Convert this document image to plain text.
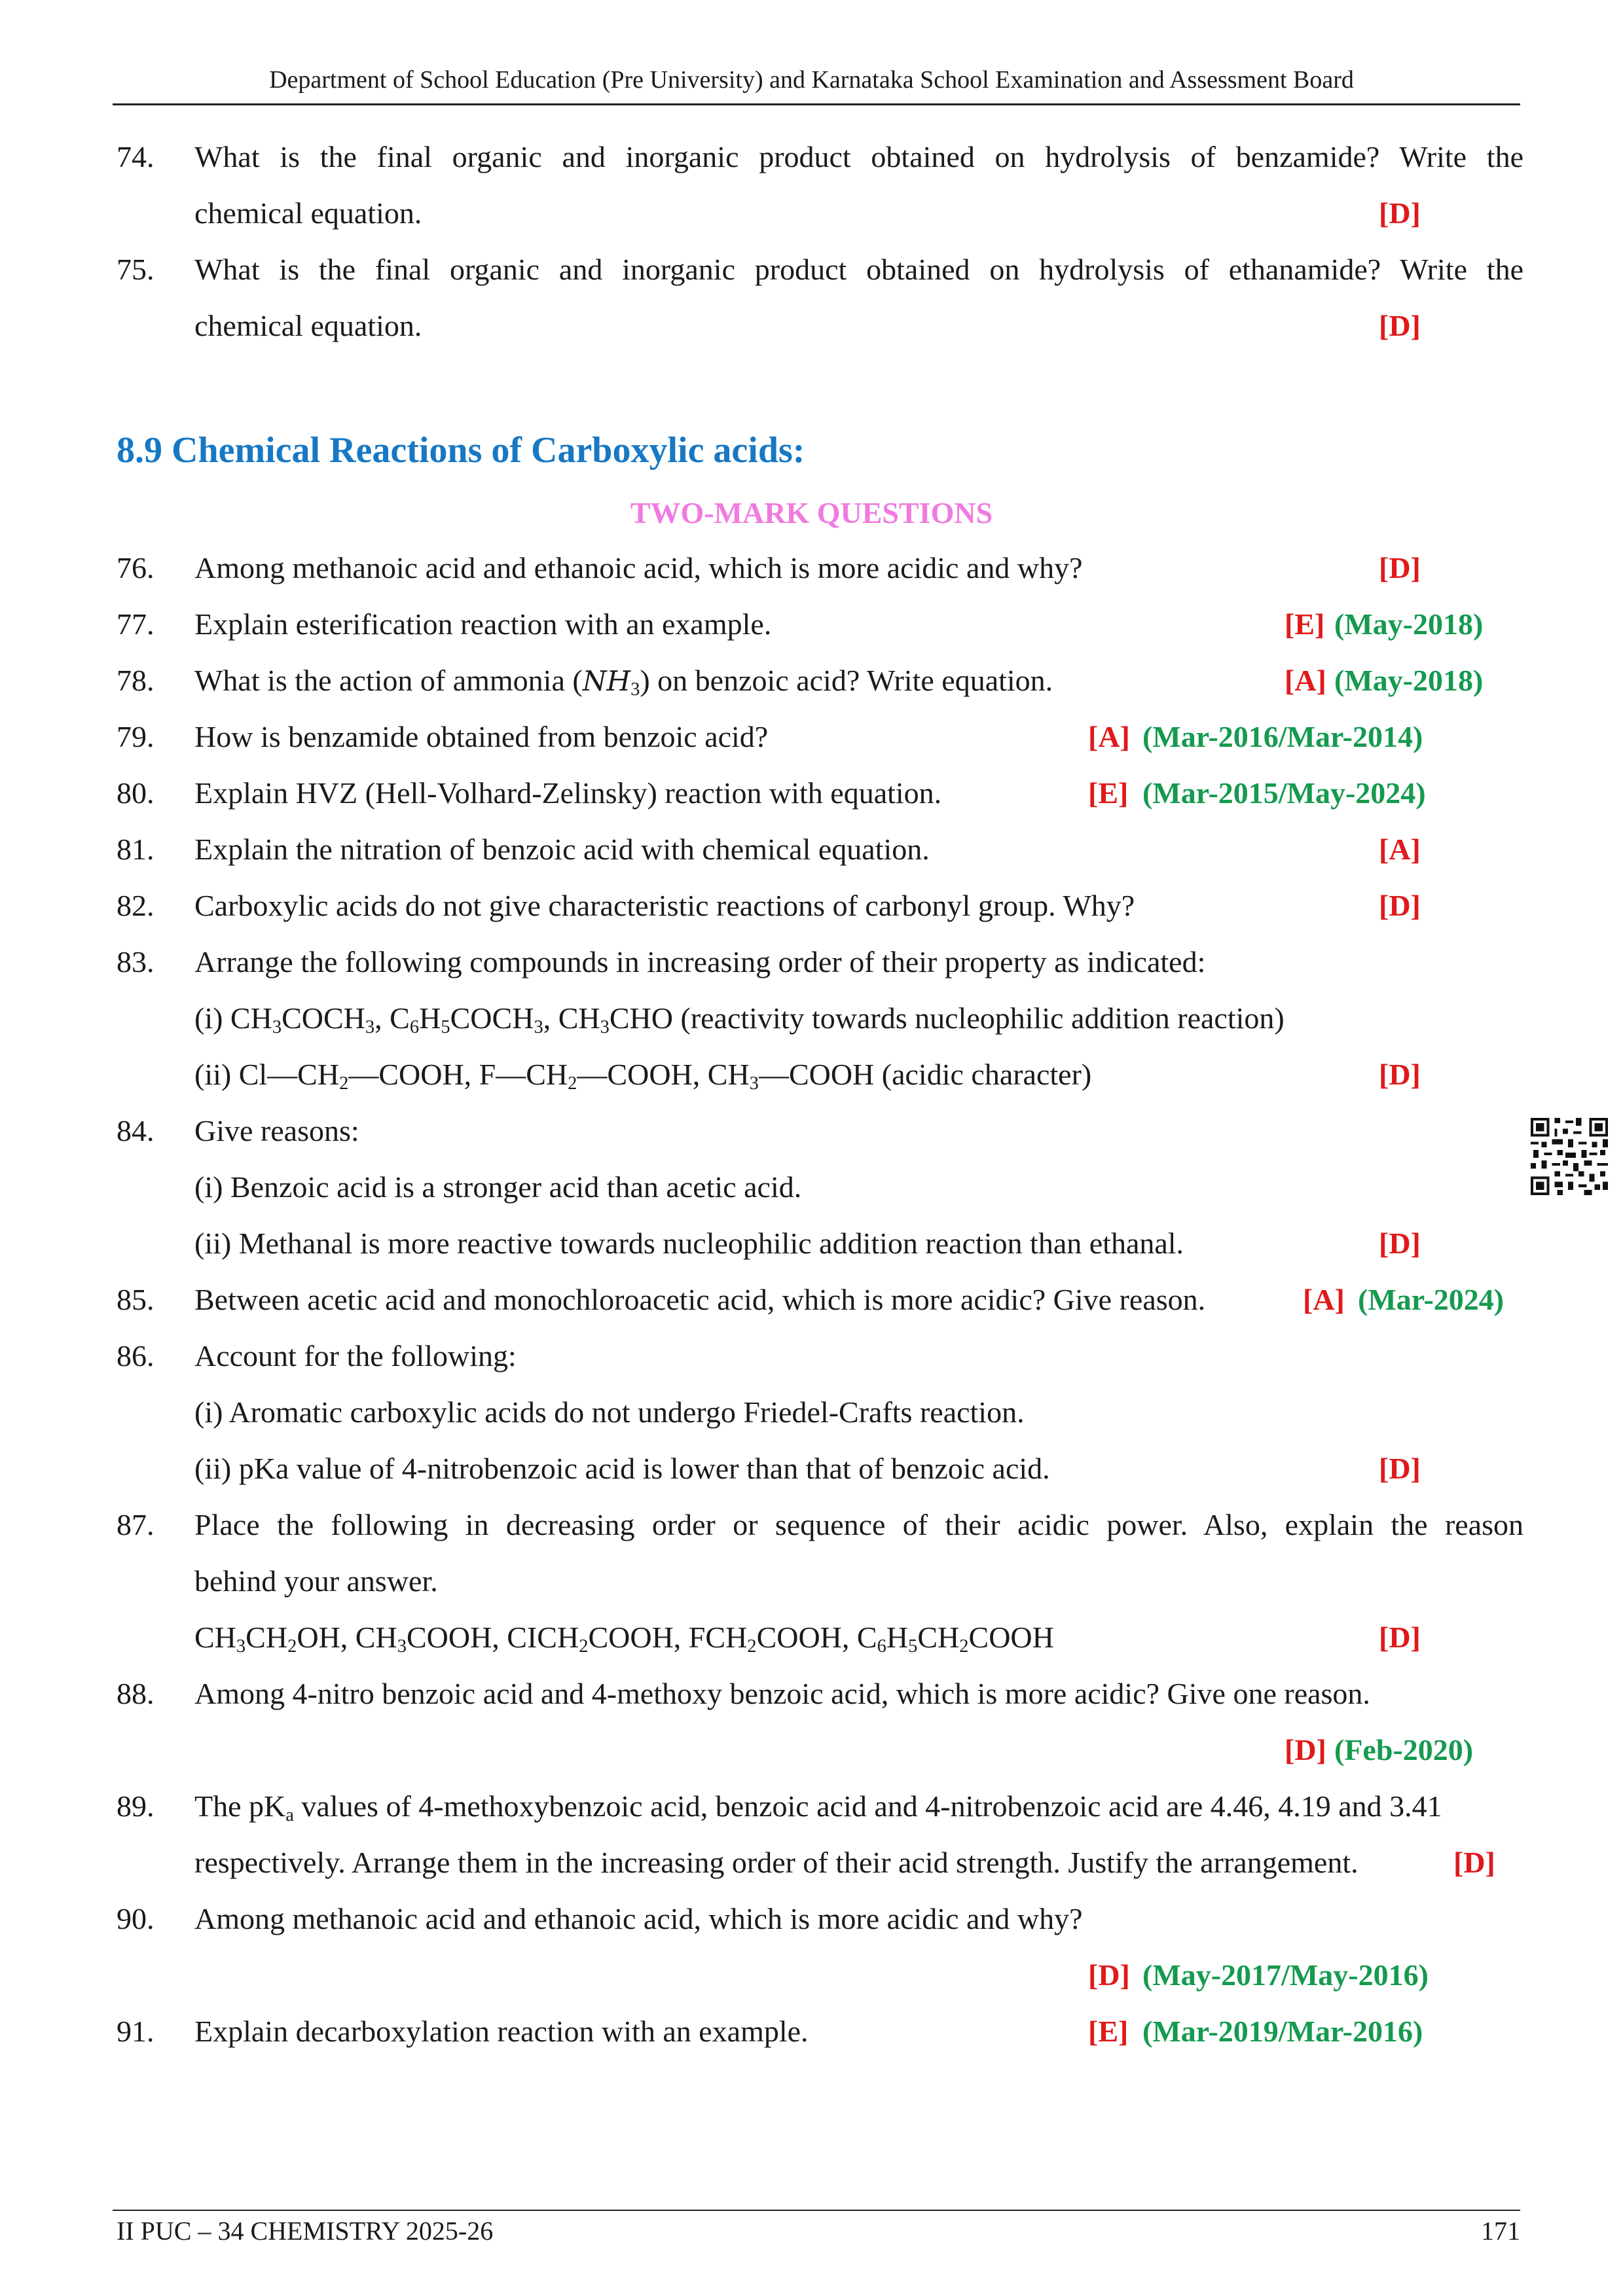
Department of School Education (Pre University) and Karnataka School Examination and Assessment Board
74. What is the final organic and inorganic product obtained on hydrolysis of benzamide? Write the
chemical equation.	[D]
75. What is the final organic and inorganic product obtained on hydrolysis of ethanamide? Write the
chemical equation.	[D]
8.9 Chemical Reactions of Carboxylic acids:
TWO-MARK QUESTIONS
76. Among methanoic acid and ethanoic acid, which is more acidic and why?	[D]
77. Explain esterification reaction with an example.	[E] (May-2018)
78. What is the action of ammonia $(NH_3)$ on benzoic acid? Write equation.	[A] (May-2018)
79. How is benzamide obtained from benzoic acid?	[A] (Mar-2016/Mar-2014)
80. Explain HVZ (Hell-Volhard-Zelinsky) reaction with equation.	[E] (Mar-2015/May-2024)
81. Explain the nitration of benzoic acid with chemical equation.	[A]
82. Carboxylic acids do not give characteristic reactions of carbonyl group. Why?	[D]
83. Arrange the following compounds in increasing order of their property as indicated:
(i) $CH_3COCH_3$, $C_6H_5COCH_3$, $CH_3CHO$ (reactivity towards nucleophilic addition reaction)
(ii) $Cl—CH_2—COOH$, $F—CH_2—COOH$, $CH_3—COOH$ (acidic character)	[D]
84. Give reasons:
(i) Benzoic acid is a stronger acid than acetic acid.
(ii) Methanal is more reactive towards nucleophilic addition reaction than ethanal.	[D]
85. Between acetic acid and monochloroacetic acid, which is more acidic? Give reason.	[A] (Mar-2024)
86. Account for the following:
(i) Aromatic carboxylic acids do not undergo Friedel-Crafts reaction.
(ii) pKa value of 4-nitrobenzoic acid is lower than that of benzoic acid.	[D]
87. Place the following in decreasing order or sequence of their acidic power. Also, explain the reason
behind your answer.
$CH_3CH_2OH$, $CH_3COOH$, $CICH_2COOH$, $FCH_2COOH$, $C_6H_5CH_2COOH$	[D]
88. Among 4-nitro benzoic acid and 4-methoxy benzoic acid, which is more acidic? Give one reason.
[D] (Feb-2020)
89. The $pK_a$ values of 4-methoxybenzoic acid, benzoic acid and 4-nitrobenzoic acid are 4.46, 4.19 and 3.41
respectively. Arrange them in the increasing order of their acid strength. Justify the arrangement.	[D]
90. Among methanoic acid and ethanoic acid, which is more acidic and why?
[D] (May-2017/May-2016)
91. Explain decarboxylation reaction with an example.	[E] (Mar-2019/Mar-2016)
II PUC – 34 CHEMISTRY 2025-26	171
